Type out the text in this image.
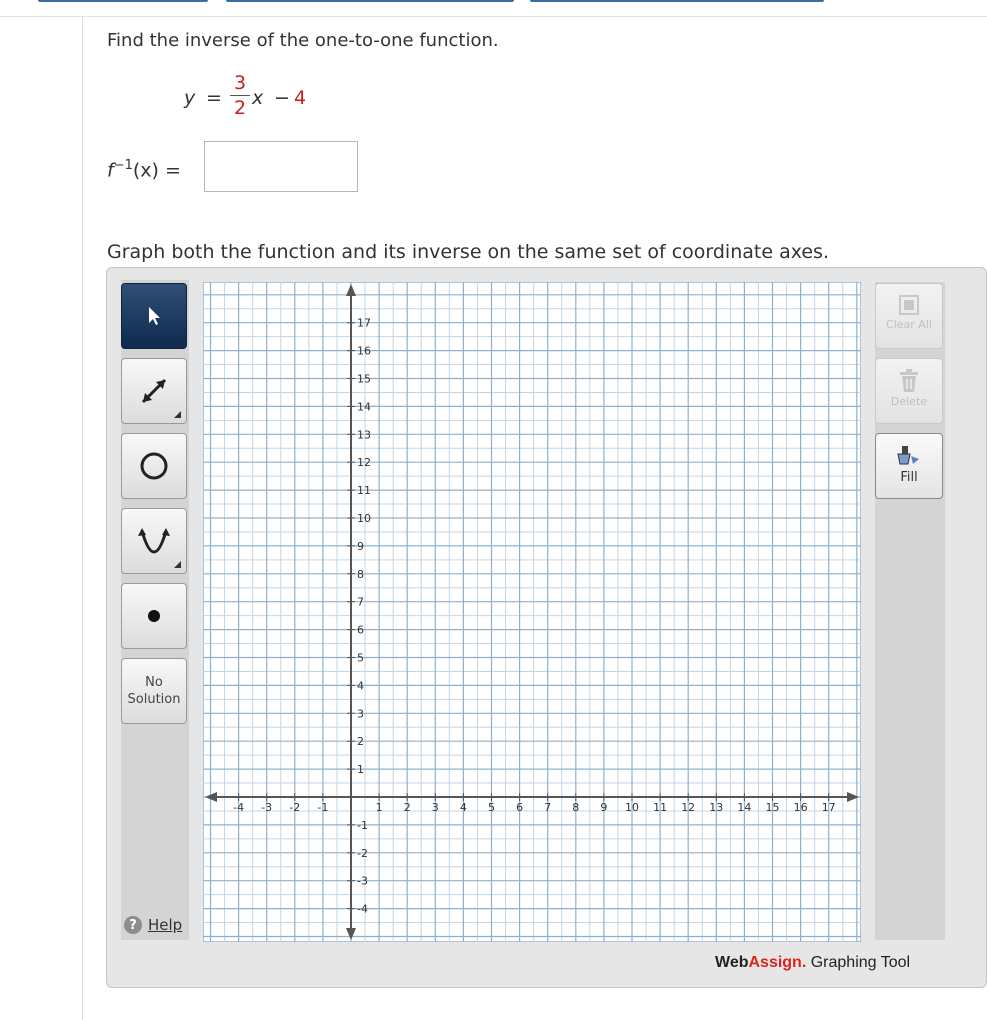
Find the inverse of the one-to-one function.
y =
3
2 x − 4
$f^{-1}(x)$ =
Graph both the function and its inverse on the same set of coordinate axes.
No
Solution
Clear All
Delete
Fill
? Help
WebAssign. Graphing Tool
-4 -3 -2 -1	1 2 3 4 5 6 7 8 9 10 11 12 13 14 15 16 17
17
16
15
14
13
12
11
10
9
8
7
6
5
4
3
2
1
-1
-2
-3
-4
